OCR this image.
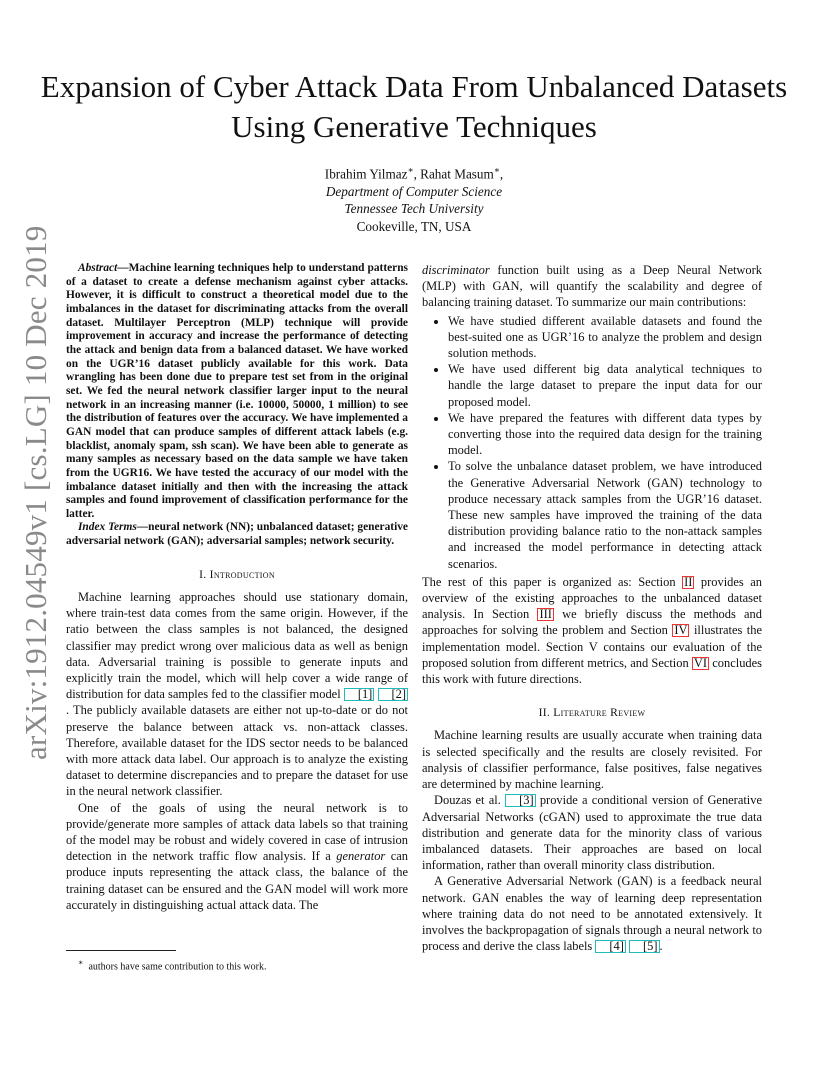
arXiv:1912.04549v1 [cs.LG] 10 Dec 2019
Expansion of Cyber Attack Data From Unbalanced Datasets Using Generative Techniques
Ibrahim Yilmaz∗, Rahat Masum∗,
Department of Computer Science
Tennessee Tech University
Cookeville, TN, USA

Abstract—Machine learning techniques help to understand patterns of a dataset to create a defense mechanism against cyber attacks. However, it is difficult to construct a theoretical model due to the imbalances in the dataset for discriminating attacks from the overall dataset. Multilayer Perceptron (MLP) technique will provide improvement in accuracy and increase the performance of detecting the attack and benign data from a balanced dataset. We have worked on the UGR’16 dataset publicly available for this work. Data wrangling has been done due to prepare test set from in the original set. We fed the neural network classifier larger input to the neural network in an increasing manner (i.e. 10000, 50000, 1 million) to see the distribution of features over the accuracy. We have implemented a GAN model that can produce samples of different attack labels (e.g. blacklist, anomaly spam, ssh scan). We have been able to generate as many samples as necessary based on the data sample we have taken from the UGR16. We have tested the accuracy of our model with the imbalance dataset initially and then with the increasing the attack samples and found improvement of classification performance for the latter.

Index Terms—neural network (NN); unbalanced dataset; generative adversarial network (GAN); adversarial samples; network security.

I. Introduction

Machine learning approaches should use stationary domain, where train-test data comes from the same origin. However, if the ratio between the class samples is not balanced, the designed classifier may predict wrong over malicious data as well as benign data. Adversarial training is possible to generate inputs and explicitly train the model, which will help cover a wide range of distribution for data samples fed to the classifier model [1] [2]. The publicly available datasets are either not up-to-date or do not preserve the balance between attack vs. non-attack classes. Therefore, available dataset for the IDS sector needs to be balanced with more attack data label. Our approach is to analyze the existing dataset to determine discrepancies and to prepare the dataset for use in the neural network classifier.

One of the goals of using the neural network is to provide/generate more samples of attack data labels so that training of the model may be robust and widely covered in case of intrusion detection in the network traffic flow analysis. If a generator can produce inputs representing the attack class, the balance of the training dataset can be ensured and the GAN model will work more accurately in distinguishing actual attack data. The

discriminator function built using as a Deep Neural Network (MLP) with GAN, will quantify the scalability and degree of balancing training dataset. To summarize our main contributions:

• We have studied different available datasets and found the best-suited one as UGR’16 to analyze the problem and design solution methods.
• We have used different big data analytical techniques to handle the large dataset to prepare the input data for our proposed model.
• We have prepared the features with different data types by converting those into the required data design for the training model.
• To solve the unbalance dataset problem, we have introduced the Generative Adversarial Network (GAN) technology to produce necessary attack samples from the UGR’16 dataset. These new samples have improved the training of the data distribution providing balance ratio to the non-attack samples and increased the model performance in detecting attack scenarios.

The rest of this paper is organized as: Section II provides an overview of the existing approaches to the unbalanced dataset analysis. In Section III we briefly discuss the methods and approaches for solving the problem and Section IV illustrates the implementation model. Section V contains our evaluation of the proposed solution from different metrics, and Section VI concludes this work with future directions.

II. Literature Review

Machine learning results are usually accurate when training data is selected specifically and the results are closely revisited. For analysis of classifier performance, false positives, false negatives are determined by machine learning.

Douzas et al. [3] provide a conditional version of Generative Adversarial Networks (cGAN) used to approximate the true data distribution and generate data for the minority class of various imbalanced datasets. Their approaches are based on local information, rather than overall minority class distribution.

A Generative Adversarial Network (GAN) is a feedback neural network. GAN enables the way of learning deep representation where training data do not need to be annotated extensively. It involves the backpropagation of signals through a neural network to process and derive the class labels [4] [5] .

∗ authors have same contribution to this work.
